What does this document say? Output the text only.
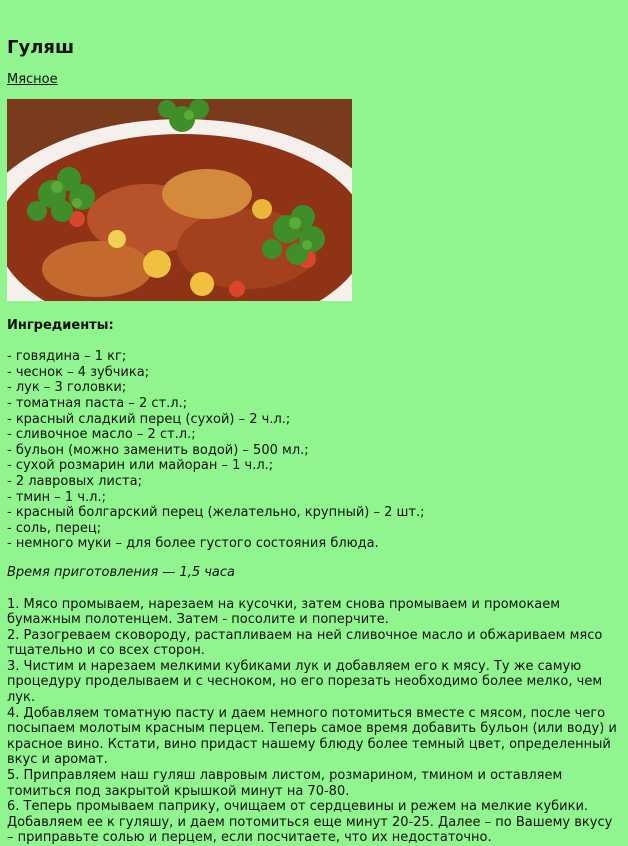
Гуляш
Мясное
Ингредиенты:
- говядина – 1 кг;
- чеснок – 4 зубчика;
- лук – 3 головки;
- томатная паста – 2 ст.л.;
- красный сладкий перец (сухой) – 2 ч.л.;
- сливочное масло – 2 ст.л.;
- бульон (можно заменить водой) – 500 мл.;
- сухой розмарин или майоран – 1 ч.л.;
- 2 лавровых листа;
- тмин – 1 ч.л.;
- красный болгарский перец (желательно, крупный) – 2 шт.;
- соль, перец;
- немного муки – для более густого состояния блюда.
Время приготовления — 1,5 часа
1. Мясо промываем, нарезаем на кусочки, затем снова промываем и промокаем бумажным полотенцем. Затем - посолите и поперчите.
2. Разогреваем сковороду, растапливаем на ней сливочное масло и обжариваем мясо тщательно и со всех сторон.
3. Чистим и нарезаем мелкими кубиками лук и добавляем его к мясу. Ту же самую процедуру проделываем и с чесноком, но его порезать необходимо более мелко, чем лук.
4. Добавляем томатную пасту и даем немного потомиться вместе с мясом, после чего посыпаем молотым красным перцем. Теперь самое время добавить бульон (или воду) и красное вино. Кстати, вино придаст нашему блюду более темный цвет, определенный вкус и аромат.
5. Приправляем наш гуляш лавровым листом, розмарином, тмином и оставляем томиться под закрытой крышкой минут на 70-80.
6. Теперь промываем паприку, очищаем от сердцевины и режем на мелкие кубики. Добавляем ее к гуляшу, и даем потомиться еще минут 20-25. Далее – по Вашему вкусу – приправьте солью и перцем, если посчитаете, что их недостаточно.
